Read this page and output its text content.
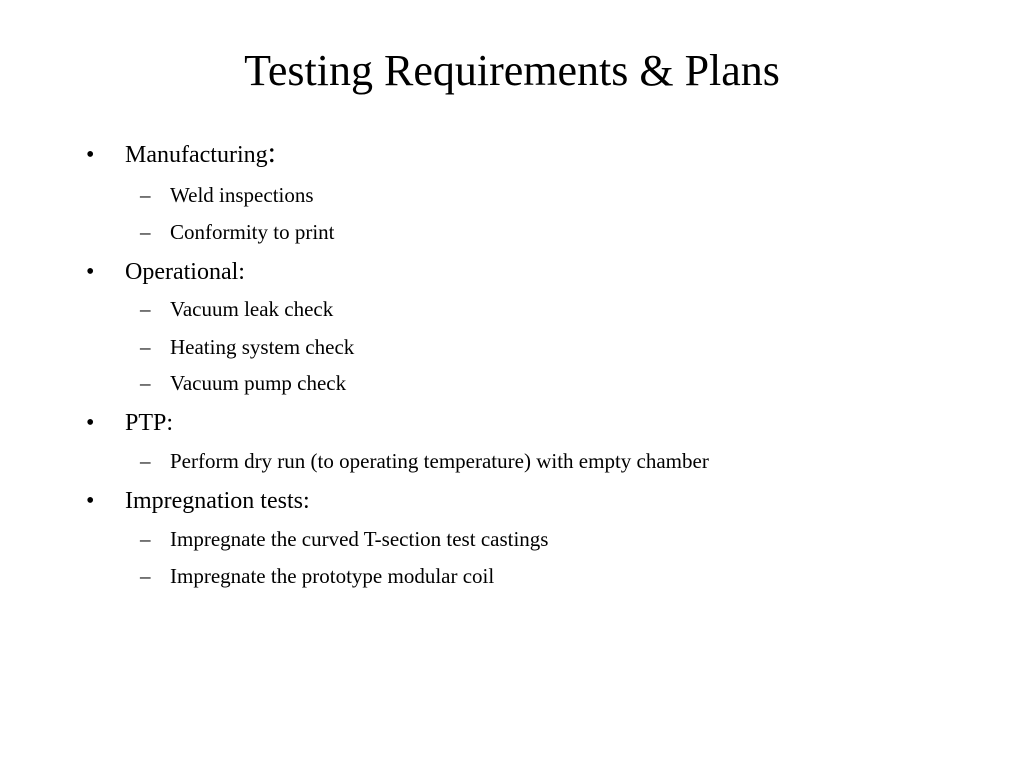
Testing Requirements & Plans
• Manufacturing:
– Weld inspections
– Conformity to print
• Operational:
– Vacuum leak check
– Heating system check
– Vacuum pump check
• PTP:
– Perform dry run (to operating temperature) with empty chamber
• Impregnation tests:
– Impregnate the curved T-section test castings
– Impregnate the prototype modular coil
